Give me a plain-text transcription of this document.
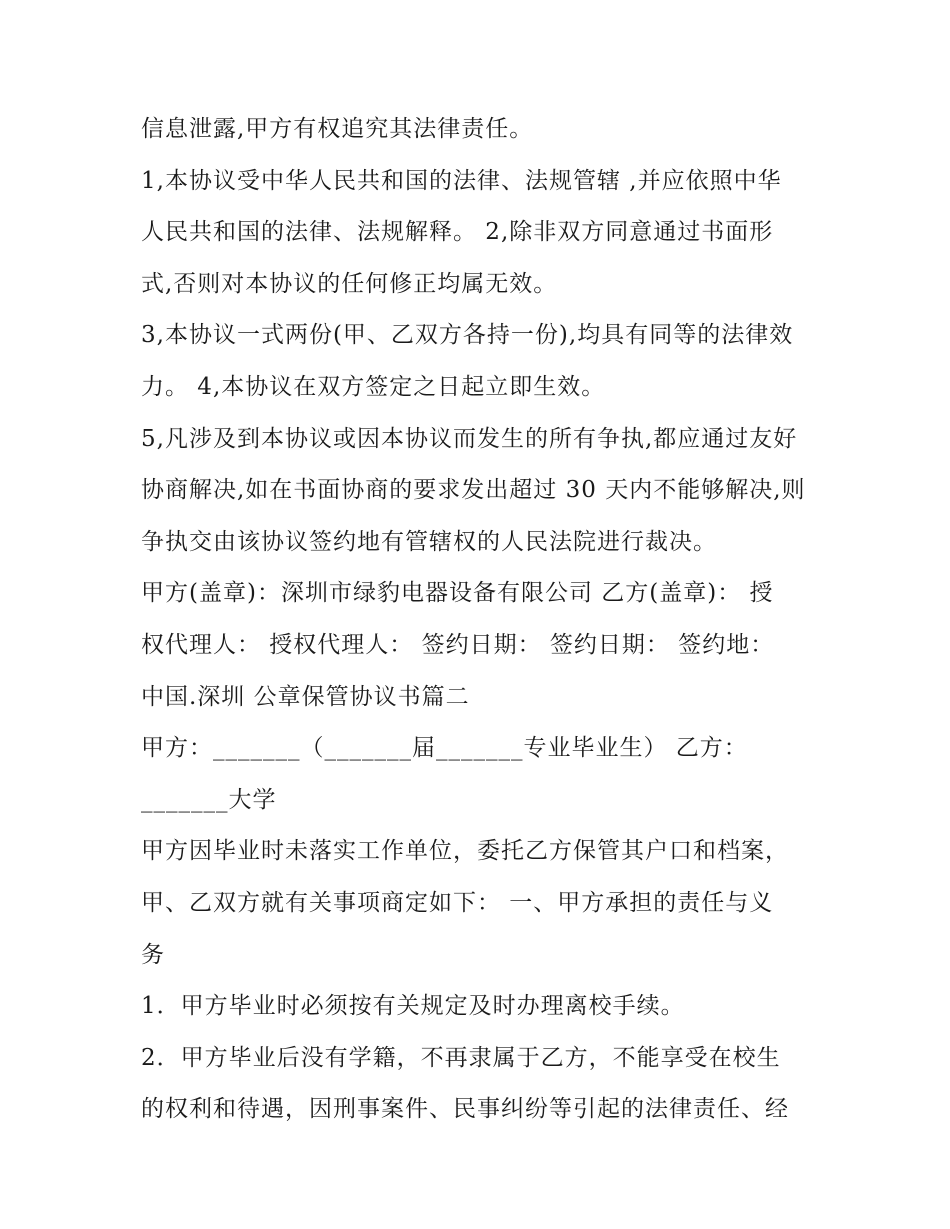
信息泄露,甲方有权追究其法律责任。
1,本协议受中华人民共和国的法律、法规管辖 ,并应依照中华
人民共和国的法律、法规解释。 2,除非双方同意通过书面形
式,否则对本协议的任何修正均属无效。
3,本协议一式两份(甲、乙双方各持一份),均具有同等的法律效
力。 4,本协议在双方签定之日起立即生效。
5,凡涉及到本协议或因本协议而发生的所有争执,都应通过友好
协商解决,如在书面协商的要求发出超过 30 天内不能够解决,则
争执交由该协议签约地有管辖权的人民法院进行裁决。
甲方(盖章)：深圳市绿豹电器设备有限公司 乙方(盖章)： 授
权代理人： 授权代理人： 签约日期： 签约日期： 签约地：
中国.深圳 公章保管协议书篇二
甲方：_______（_______届_______专业毕业生） 乙方：
_______大学
甲方因毕业时未落实工作单位，委托乙方保管其户口和档案，
甲、乙双方就有关事项商定如下： 一、甲方承担的责任与义
务
1．甲方毕业时必须按有关规定及时办理离校手续。
2．甲方毕业后没有学籍，不再隶属于乙方，不能享受在校生
的权利和待遇，因刑事案件、民事纠纷等引起的法律责任、经
